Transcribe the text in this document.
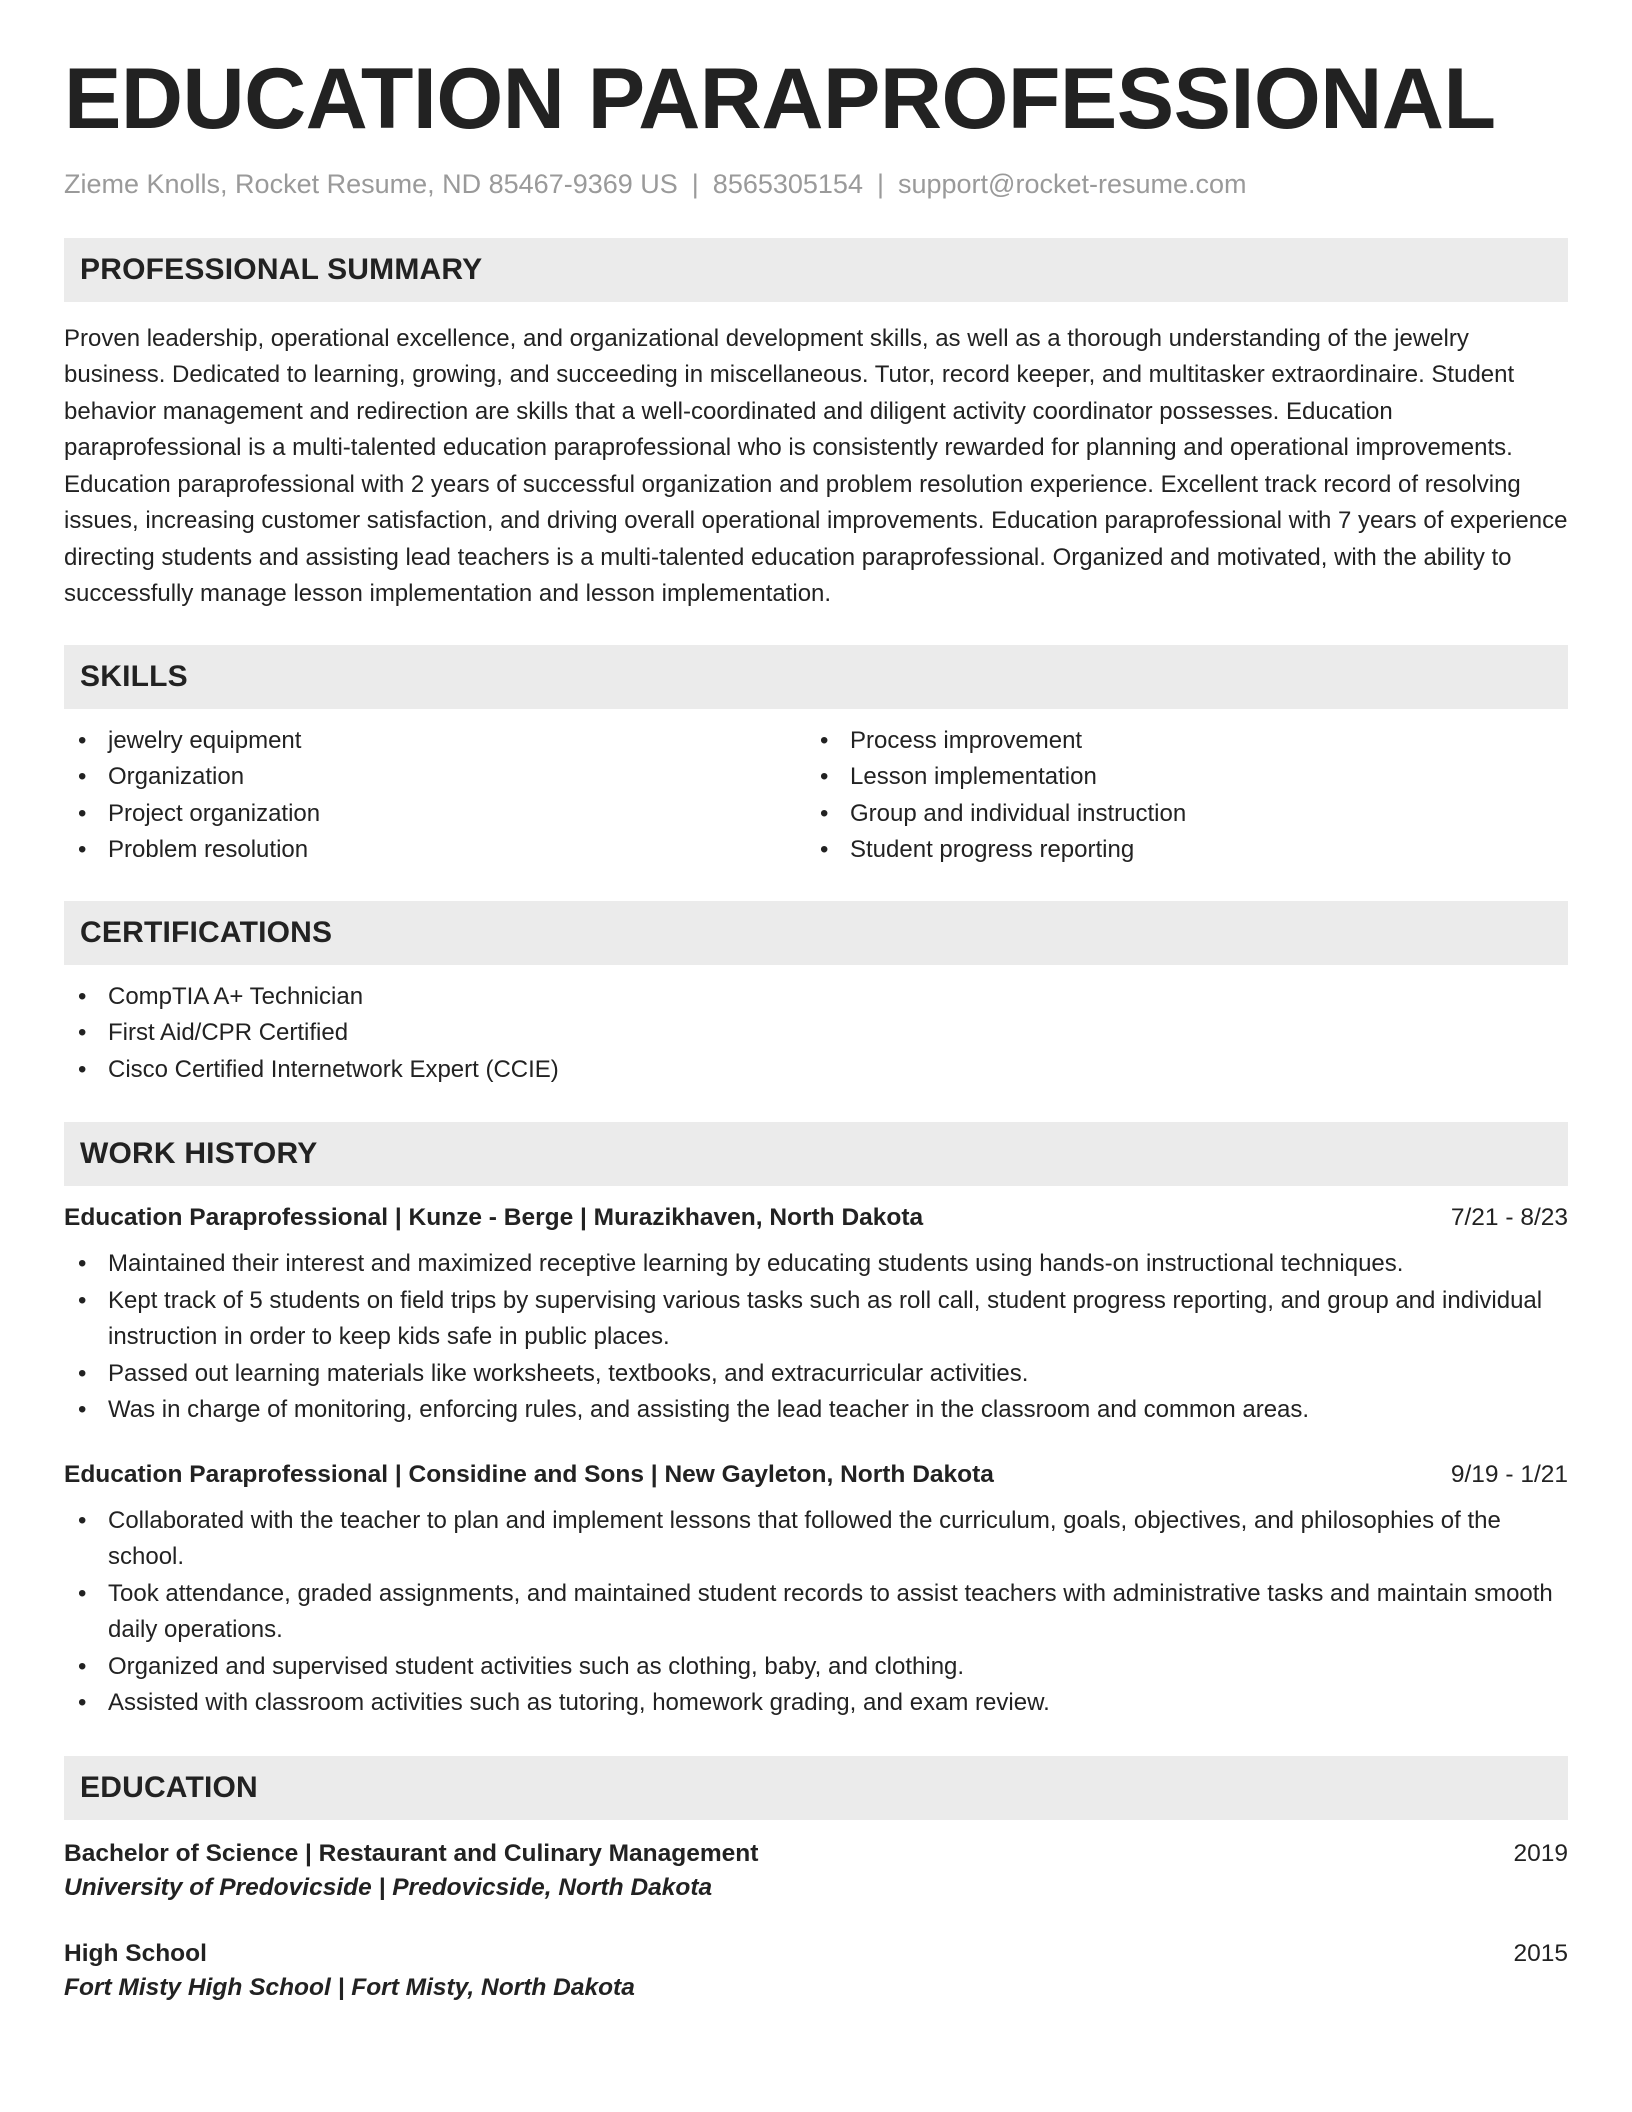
EDUCATION PARAPROFESSIONAL
Zieme Knolls, Rocket Resume, ND 85467-9369 US | 8565305154 | support@rocket-resume.com
PROFESSIONAL SUMMARY

Proven leadership, operational excellence, and organizational development skills, as well as a thorough understanding of the jewelry business. Dedicated to learning, growing, and succeeding in miscellaneous. Tutor, record keeper, and multitasker extraordinaire. Student behavior management and redirection are skills that a well-coordinated and diligent activity coordinator possesses. Education paraprofessional is a multi-talented education paraprofessional who is consistently rewarded for planning and operational improvements. Education paraprofessional with 2 years of successful organization and problem resolution experience. Excellent track record of resolving issues, increasing customer satisfaction, and driving overall operational improvements. Education paraprofessional with 7 years of experience directing students and assisting lead teachers is a multi-talented education paraprofessional. Organized and motivated, with the ability to successfully manage lesson implementation and lesson implementation.

SKILLS
• jewelry equipment
• Organization
• Project organization
• Problem resolution
• Process improvement
• Lesson implementation
• Group and individual instruction
• Student progress reporting
CERTIFICATIONS
• CompTIA A+ Technician
• First Aid/CPR Certified
• Cisco Certified Internetwork Expert (CCIE)
WORK HISTORY
Education Paraprofessional | Kunze - Berge | Murazikhaven, North Dakota	7/21 - 8/23
• Maintained their interest and maximized receptive learning by educating students using hands-on instructional techniques.
• Kept track of 5 students on field trips by supervising various tasks such as roll call, student progress reporting, and group and individual instruction in order to keep kids safe in public places.
• Passed out learning materials like worksheets, textbooks, and extracurricular activities.
• Was in charge of monitoring, enforcing rules, and assisting the lead teacher in the classroom and common areas.
Education Paraprofessional | Considine and Sons | New Gayleton, North Dakota	9/19 - 1/21
• Collaborated with the teacher to plan and implement lessons that followed the curriculum, goals, objectives, and philosophies of the school.
• Took attendance, graded assignments, and maintained student records to assist teachers with administrative tasks and maintain smooth daily operations.
• Organized and supervised student activities such as clothing, baby, and clothing.
• Assisted with classroom activities such as tutoring, homework grading, and exam review.
EDUCATION
Bachelor of Science | Restaurant and Culinary Management	2019
University of Predovicside | Predovicside, North Dakota
High School	2015
Fort Misty High School | Fort Misty, North Dakota
